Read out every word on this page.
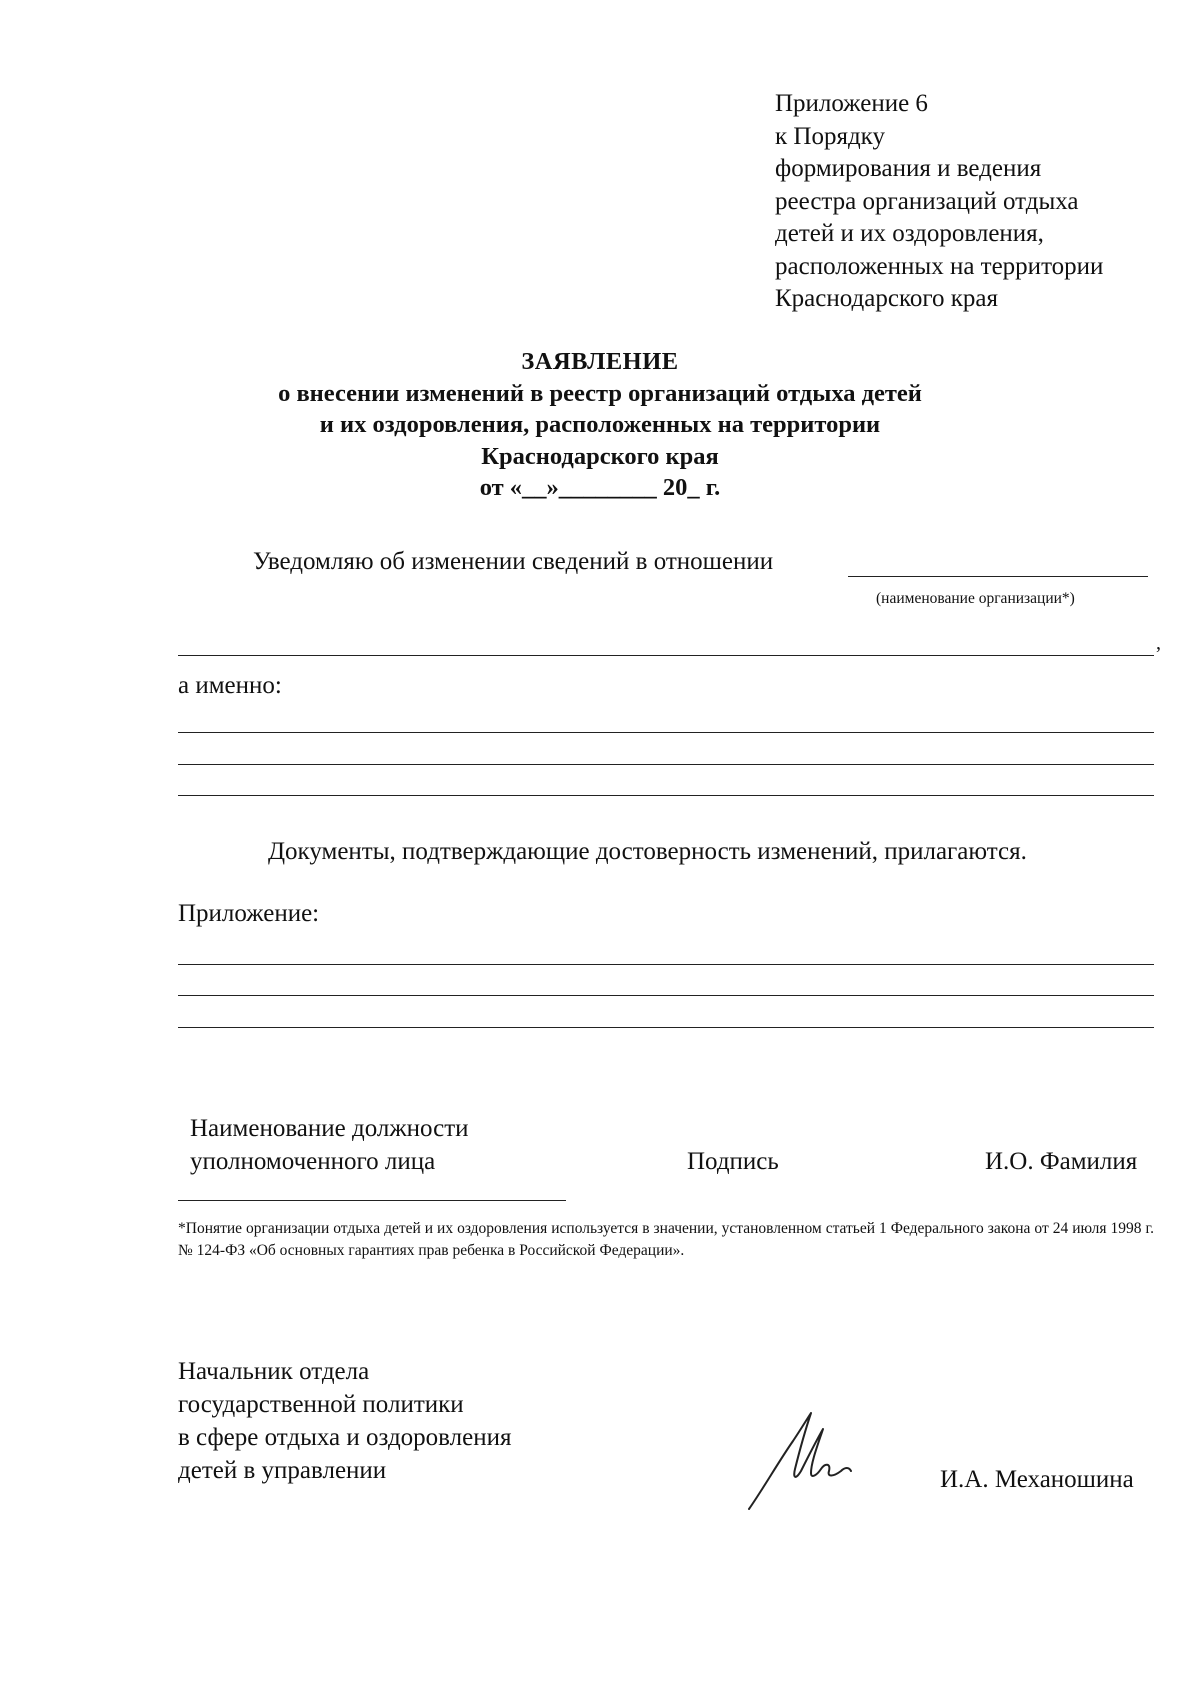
Приложение 6
к Порядку
формирования и ведения
реестра организаций отдыха
детей и их оздоровления,
расположенных на территории
Краснодарского края
ЗАЯВЛЕНИЕ
о внесении изменений в реестр организаций отдыха детей
и их оздоровления, расположенных на территории
Краснодарского края
от «__»________ 20_ г.
Уведомляю об изменении сведений в отношении
(наименование организации*)
,
а именно:
Документы, подтверждающие достоверность изменений, прилагаются.
Приложение:
Наименование должности
уполномоченного лица	Подпись	И.О. Фамилия
*Понятие организации отдыха детей и их оздоровления используется в значении, установленном статьей 1 Федерального закона от 24 июля 1998 г. № 124-ФЗ «Об основных гарантиях прав ребенка в Российской Федерации».
Начальник отдела
государственной политики
в сфере отдыха и оздоровления
детей в управлении	И.А. Механошина
